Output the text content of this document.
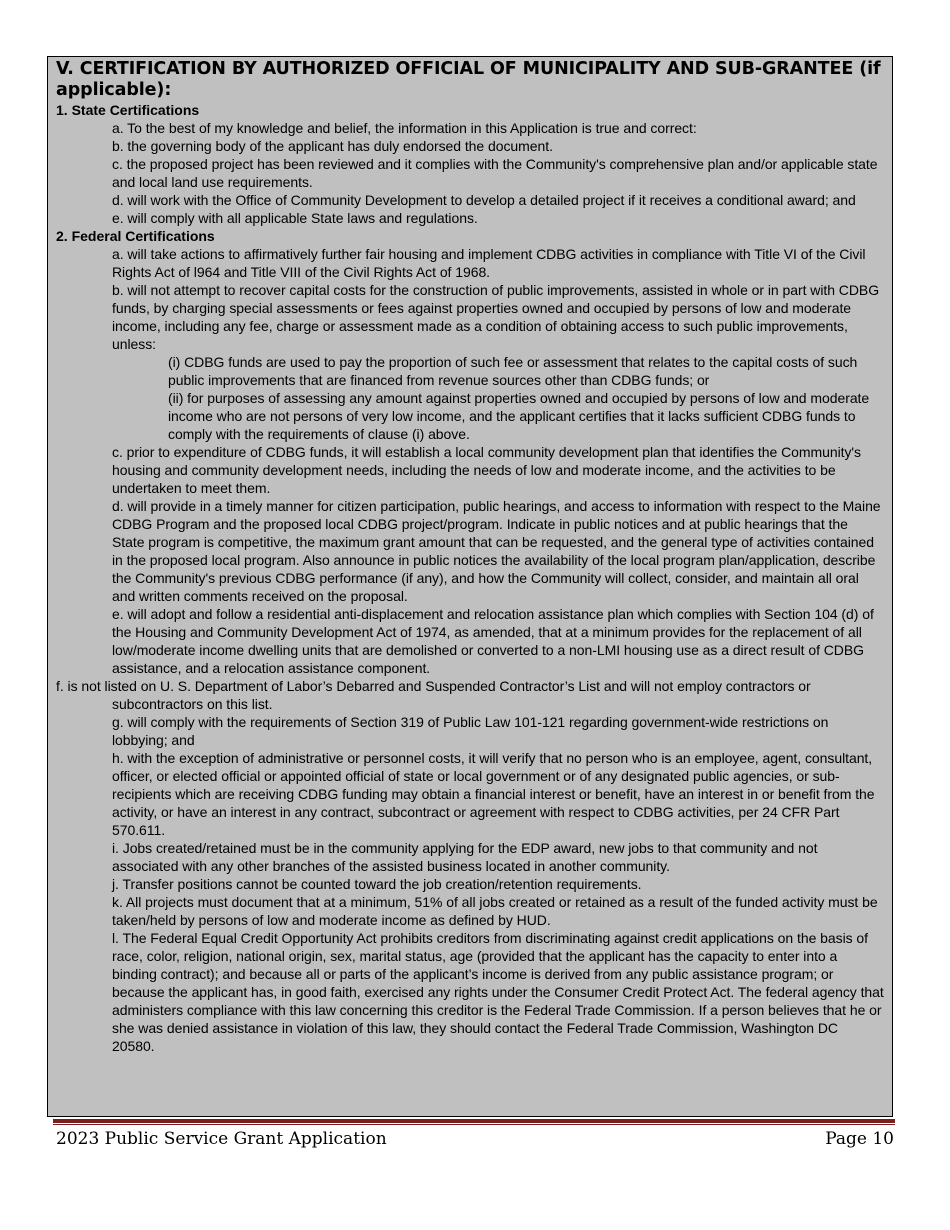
V. CERTIFICATION BY AUTHORIZED OFFICIAL OF MUNICIPALITY AND SUB-GRANTEE (if applicable):

1. State Certifications

a. To the best of my knowledge and belief, the information in this Application is true and correct:

b. the governing body of the applicant has duly endorsed the document.

c. the proposed project has been reviewed and it complies with the Community's comprehensive plan and/or applicable state and local land use requirements.

d. will work with the Office of Community Development to develop a detailed project if it receives a conditional award; and

e. will comply with all applicable State laws and regulations.

2. Federal Certifications

a. will take actions to affirmatively further fair housing and implement CDBG activities in compliance with Title VI of the Civil Rights Act of l964 and Title VIII of the Civil Rights Act of 1968.

b. will not attempt to recover capital costs for the construction of public improvements, assisted in whole or in part with CDBG funds, by charging special assessments or fees against properties owned and occupied by persons of low and moderate income, including any fee, charge or assessment made as a condition of obtaining access to such public improvements, unless:

(i) CDBG funds are used to pay the proportion of such fee or assessment that relates to the capital costs of such public improvements that are financed from revenue sources other than CDBG funds; or

(ii) for purposes of assessing any amount against properties owned and occupied by persons of low and moderate income who are not persons of very low income, and the applicant certifies that it lacks sufficient CDBG funds to comply with the requirements of clause (i) above.

c. prior to expenditure of CDBG funds, it will establish a local community development plan that identifies the Community's housing and community development needs, including the needs of low and moderate income, and the activities to be undertaken to meet them.

d. will provide in a timely manner for citizen participation, public hearings, and access to information with respect to the Maine CDBG Program and the proposed local CDBG project/program. Indicate in public notices and at public hearings that the State program is competitive, the maximum grant amount that can be requested, and the general type of activities contained in the proposed local program. Also announce in public notices the availability of the local program plan/application, describe the Community's previous CDBG performance (if any), and how the Community will collect, consider, and maintain all oral and written comments received on the proposal.

e. will adopt and follow a residential anti-displacement and relocation assistance plan which complies with Section 104 (d) of the Housing and Community Development Act of 1974, as amended, that at a minimum provides for the replacement of all low/moderate income dwelling units that are demolished or converted to a non-LMI housing use as a direct result of CDBG assistance, and a relocation assistance component.

f. is not listed on U. S. Department of Labor’s Debarred and Suspended Contractor’s List and will not employ contractors or subcontractors on this list.

g. will comply with the requirements of Section 319 of Public Law 101-121 regarding government-wide restrictions on lobbying; and

h. with the exception of administrative or personnel costs, it will verify that no person who is an employee, agent, consultant, officer, or elected official or appointed official of state or local government or of any designated public agencies, or sub-recipients which are receiving CDBG funding may obtain a financial interest or benefit, have an interest in or benefit from the activity, or have an interest in any contract, subcontract or agreement with respect to CDBG activities, per 24 CFR Part 570.611.

i. Jobs created/retained must be in the community applying for the EDP award, new jobs to that community and not associated with any other branches of the assisted business located in another community.

j. Transfer positions cannot be counted toward the job creation/retention requirements.

k. All projects must document that at a minimum, 51% of all jobs created or retained as a result of the funded activity must be taken/held by persons of low and moderate income as defined by HUD.

l. The Federal Equal Credit Opportunity Act prohibits creditors from discriminating against credit applications on the basis of race, color, religion, national origin, sex, marital status, age (provided that the applicant has the capacity to enter into a binding contract); and because all or parts of the applicant’s income is derived from any public assistance program; or because the applicant has, in good faith, exercised any rights under the Consumer Credit Protect Act. The federal agency that administers compliance with this law concerning this creditor is the Federal Trade Commission. If a person believes that he or she was denied assistance in violation of this law, they should contact the Federal Trade Commission, Washington DC 20580.

2023 Public Service Grant Application	Page 10
